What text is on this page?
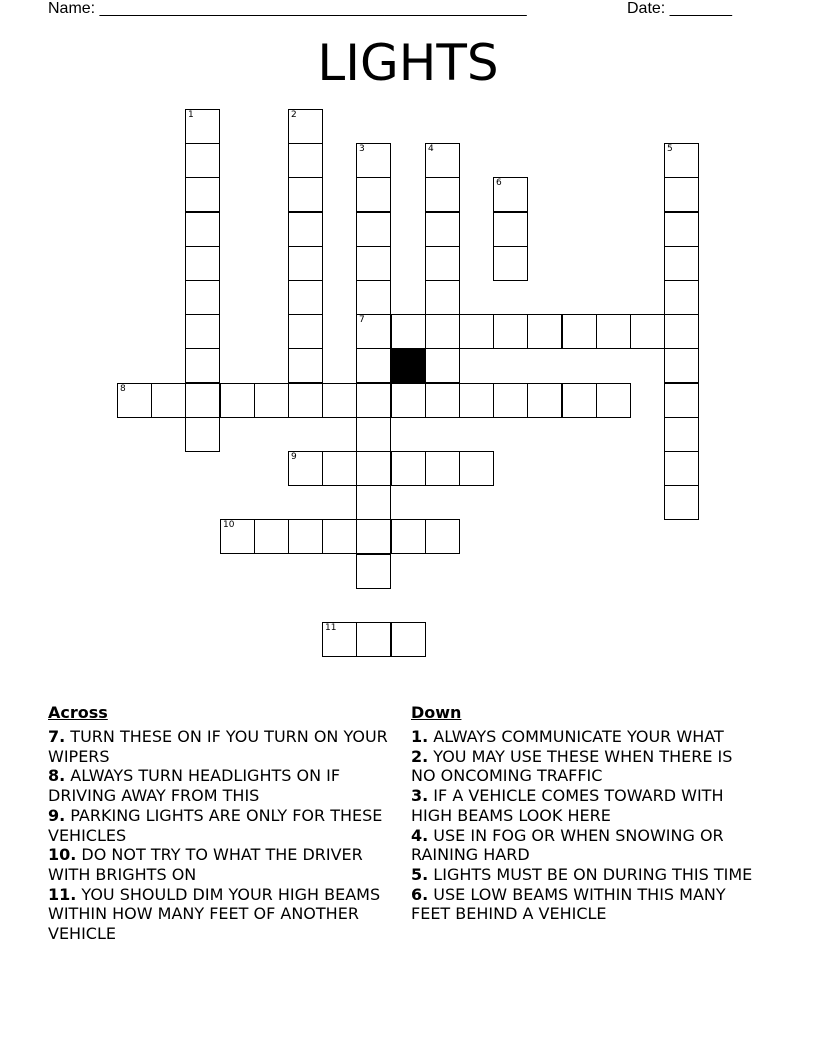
Name: ________________________________________________	Date: _______
LIGHTS
7
8
9
10
11
1	2
3	4	5
6
Across
7. TURN THESE ON IF YOU TURN ON YOUR WIPERS
8. ALWAYS TURN HEADLIGHTS ON IF DRIVING AWAY FROM THIS
9. PARKING LIGHTS ARE ONLY FOR THESE VEHICLES
10. DO NOT TRY TO WHAT THE DRIVER WITH BRIGHTS ON
11. YOU SHOULD DIM YOUR HIGH BEAMS WITHIN HOW MANY FEET OF ANOTHER VEHICLE
Down
1. ALWAYS COMMUNICATE YOUR WHAT
2. YOU MAY USE THESE WHEN THERE IS NO ONCOMING TRAFFIC
3. IF A VEHICLE COMES TOWARD WITH HIGH BEAMS LOOK HERE
4. USE IN FOG OR WHEN SNOWING OR RAINING HARD
5. LIGHTS MUST BE ON DURING THIS TIME
6. USE LOW BEAMS WITHIN THIS MANY FEET BEHIND A VEHICLE
